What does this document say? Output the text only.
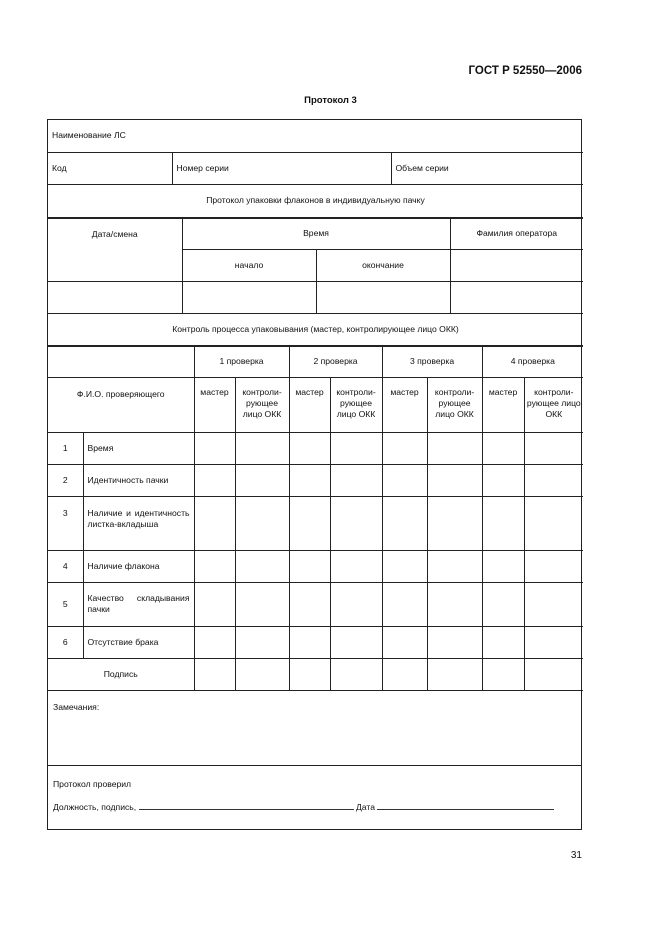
ГОСТ Р 52550—2006
Протокол 3
Наименование ЛС
Код	Номер серии	Объем серии
Протокол упаковки флаконов в индивидуальную пачку
Дата/смена	Время		Фамилия оператора
	начало	окончание	

Контроль процесса упаковывания (мастер, контролирующее лицо ОКК)			
		1 проверка		2 проверка		3 проверка		4 проверка	
Ф.И.О. проверяющего		мастер	контроли-рующее лицо ОКК	мастер	контроли-рующее лицо ОКК	мастер	контроли-рующее лицо ОКК	мастер	контроли-рующее лицо ОКК
1	Время								
2	Идентичность пачки								
3	Наличие и идентичность листка-вкладыша								
4	Наличие флакона								
5	Качество складывания пачки								
6	Отсутствие брака								
Подпись									
Замечания:
Протокол проверил
Должность, подпись,	Дата
31
